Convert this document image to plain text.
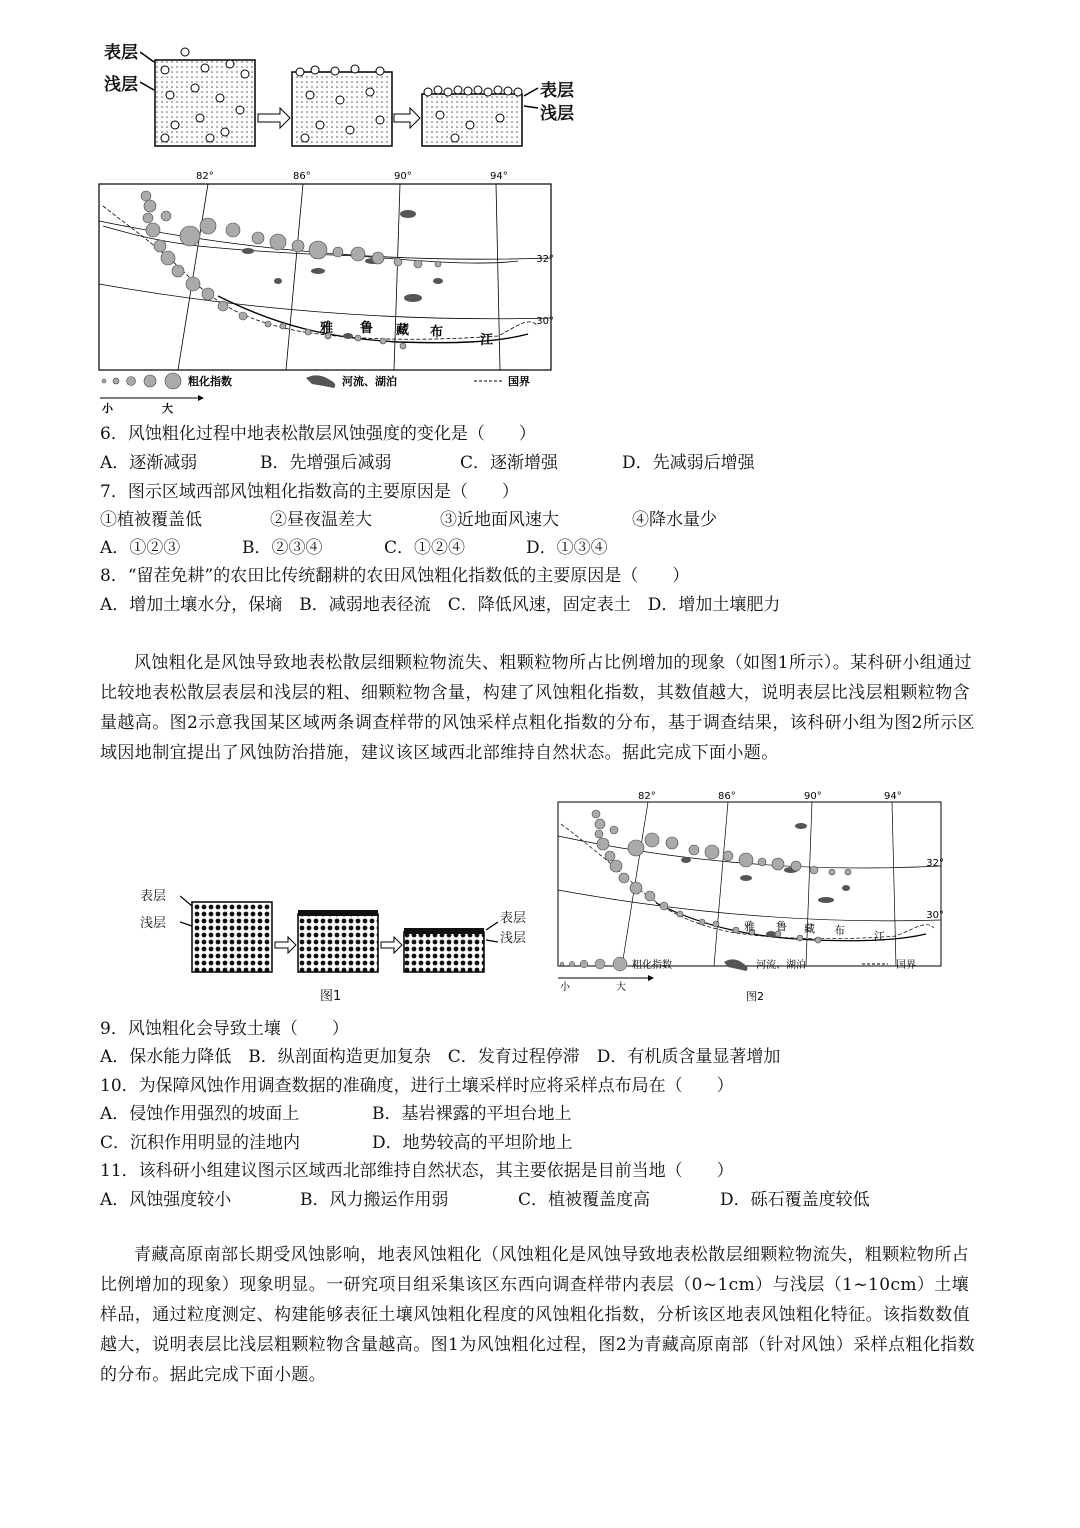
表层
浅层	表层
浅层
82°	86°	90°	94°
32°
30°
雅 鲁 藏 布
江
粗化指数	河流、湖泊	国界
小	大
6．风蚀粗化过程中地表松散层风蚀强度的变化是（　　）
A．逐渐减弱	B．先增强后减弱	C．逐渐增强	D．先减弱后增强
7．图示区域西部风蚀粗化指数高的主要原因是（　　）
①植被覆盖低	②昼夜温差大	③近地面风速大	④降水量少
A．①②③	B．②③④	C．①②④	D．①③④
8．“留茬免耕”的农田比传统翻耕的农田风蚀粗化指数低的主要原因是（　　）
A．增加土壤水分，保墒　B．减弱地表径流　C．降低风速，固定表土　D．增加土壤肥力
风蚀粗化是风蚀导致地表松散层细颗粒物流失、粗颗粒物所占比例增加的现象（如图1所示）。某科研小组通过比较地表松散层表层和浅层的粗、细颗粒物含量，构建了风蚀粗化指数，其数值越大，说明表层比浅层粗颗粒物含量越高。图2示意我国某区域两条调查样带的风蚀采样点粗化指数的分布，基于调查结果，该科研小组为图2所示区域因地制宜提出了风蚀防治措施，建议该区域西北部维持自然状态。据此完成下面小题。
表层
浅层	表层
浅层
图1
82°	86°	90°	94°
32°
30°
雅 鲁 藏 布	江
粗化指数	河流、湖泊	国界
小	大
图2
9．风蚀粗化会导致土壤（　　）
A．保水能力降低　B．纵剖面构造更加复杂　C．发育过程停滞　D．有机质含量显著增加
10．为保障风蚀作用调查数据的准确度，进行土壤采样时应将采样点布局在（　　）
A．侵蚀作用强烈的坡面上	B．基岩裸露的平坦台地上
C．沉积作用明显的洼地内	D．地势较高的平坦阶地上
11．该科研小组建议图示区域西北部维持自然状态，其主要依据是目前当地（　　）
A．风蚀强度较小	B．风力搬运作用弱	C．植被覆盖度高	D．砾石覆盖度较低
青藏高原南部长期受风蚀影响，地表风蚀粗化（风蚀粗化是风蚀导致地表松散层细颗粒物流失，粗颗粒物所占比例增加的现象）现象明显。一研究项目组采集该区东西向调查样带内表层（0~1cm）与浅层（1~10cm）土壤样品，通过粒度测定、构建能够表征土壤风蚀粗化程度的风蚀粗化指数，分析该区地表风蚀粗化特征。该指数数值越大，说明表层比浅层粗颗粒物含量越高。图1为风蚀粗化过程，图2为青藏高原南部（针对风蚀）采样点粗化指数的分布。据此完成下面小题。
